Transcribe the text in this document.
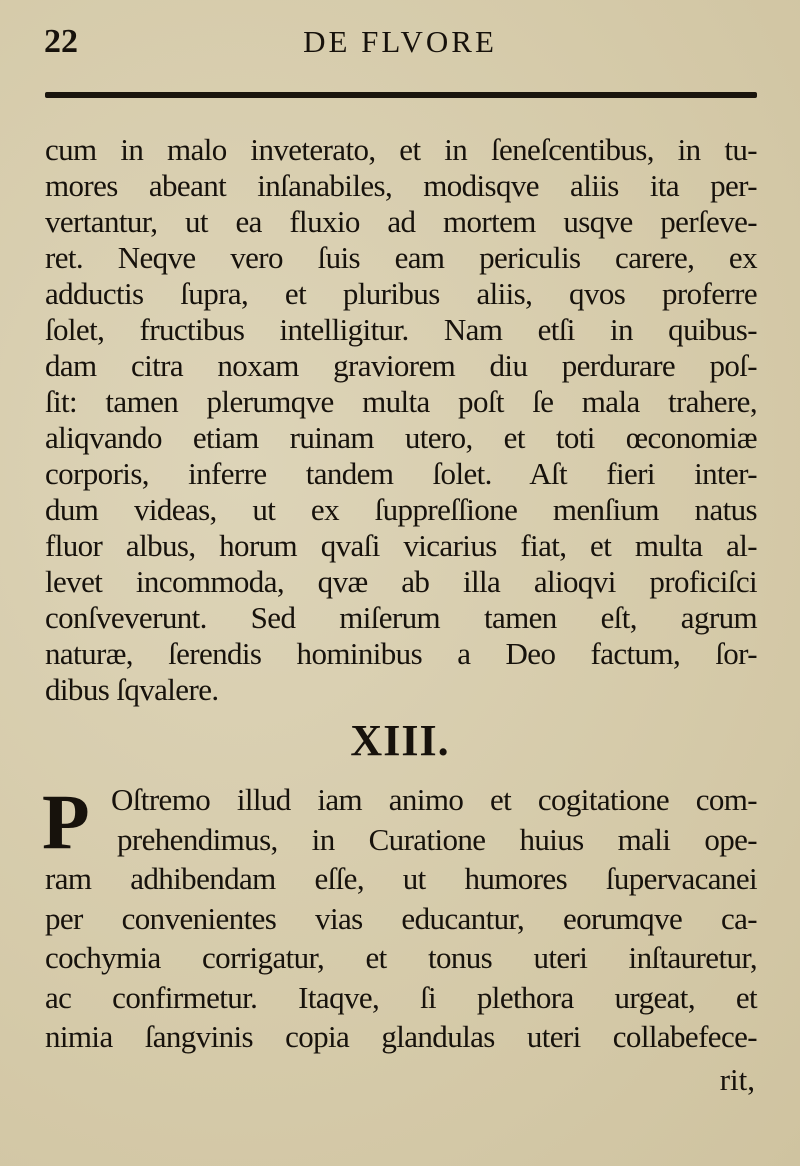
22	DE FLVORE
cum in malo inveterato, et in ſeneſcentibus, in tu-
mores abeant inſanabiles, modisqve aliis ita per-
vertantur, ut ea fluxio ad mortem usqve perſeve-
ret. Neqve vero ſuis eam periculis carere, ex
adductis ſupra, et pluribus aliis, qvos proferre
ſolet, fructibus intelligitur. Nam etſi in quibus-
dam citra noxam graviorem diu perdurare poſ-
ſit: tamen plerumqve multa poſt ſe mala trahere,
aliqvando etiam ruinam utero, et toti œconomiæ
corporis, inferre tandem ſolet. Aſt fieri inter-
dum videas, ut ex ſuppreſſione menſium natus
fluor albus, horum qvaſi vicarius fiat, et multa al-
levet incommoda, qvæ ab illa alioqvi proficiſci
conſveverunt. Sed miſerum tamen eſt, agrum
naturæ, ſerendis hominibus a Deo factum, ſor-
dibus ſqvalere.
XIII.
P Oſtremo illud iam animo et cogitatione com-
prehendimus, in Curatione huius mali ope-
ram adhibendam eſſe, ut humores ſupervacanei
per convenientes vias educantur, eorumqve ca-
cochymia corrigatur, et tonus uteri inſtauretur,
ac confirmetur. Itaqve, ſi plethora urgeat, et
nimia ſangvinis copia glandulas uteri collabefece-
rit,
